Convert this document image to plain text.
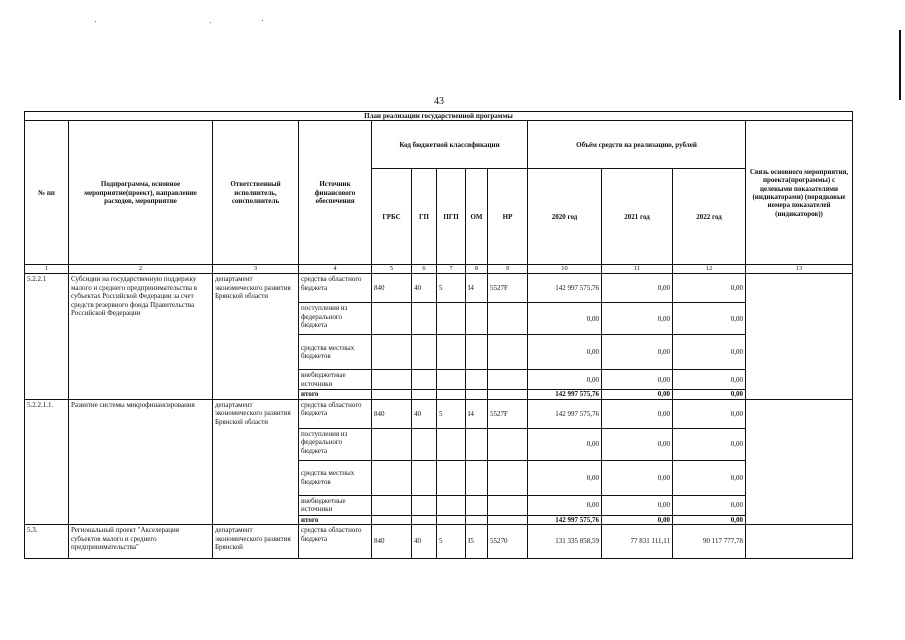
43
План реализации государственной программы												
№ пп	Подпрограмма, основное мероприятие(проект), направление расходов, мероприятие	Ответственный исполнитель, соисполнитель	Источник финансового обеспечения	Код бюджетной классификации					Объём средств на реализацию, рублей			Связь основного мероприятия, проекта(программы) с целевыми показателями (индикаторами) (порядковые номера показателей (индикаторов))
				ГРБС	ГП	ПГП	ОМ	НР	2020 год	2021 год	2022 год	
1	2	3	4	5	6	7	8	9	10	11	12	13
5.2.2.1	Субсидии на государственную поддержку малого и среднего предпринимательства в субъектах Российской Федерации за счет средств резервного фонда Правительства Российской Федерации	департамент экономического развития Брянской области	средства областного бюджета	840	40	5	I4	5527F	142 997 575,76	0,00	0,00	
			поступления из федерального бюджета						0,00	0,00	0,00	
			средства местных бюджетов						0,00	0,00	0,00	
			внебюджетные источники						0,00	0,00	0,00	
			итого						142 997 575,76	0,00	0,00	
5.2.2.1.1.	Развитие системы микрофинансирования	департамент экономического развития Брянской области	средства областного бюджета	840	40	5	I4	5527F	142 997 575,76	0,00	0,00	
			поступления из федерального бюджета						0,00	0,00	0,00	
			средства местных бюджетов						0,00	0,00	0,00	
			внебюджетные источники						0,00	0,00	0,00	
			итого						142 997 575,76	0,00	0,00	
5.3.	Региональный проект "Акселерация субъектов малого и среднего предпринимательства"	департамент экономического развития Брянской	средства областного бюджета	840	40	5	I5	55270	131 335 858,59	77 831 111,11	90 117 777,78	
